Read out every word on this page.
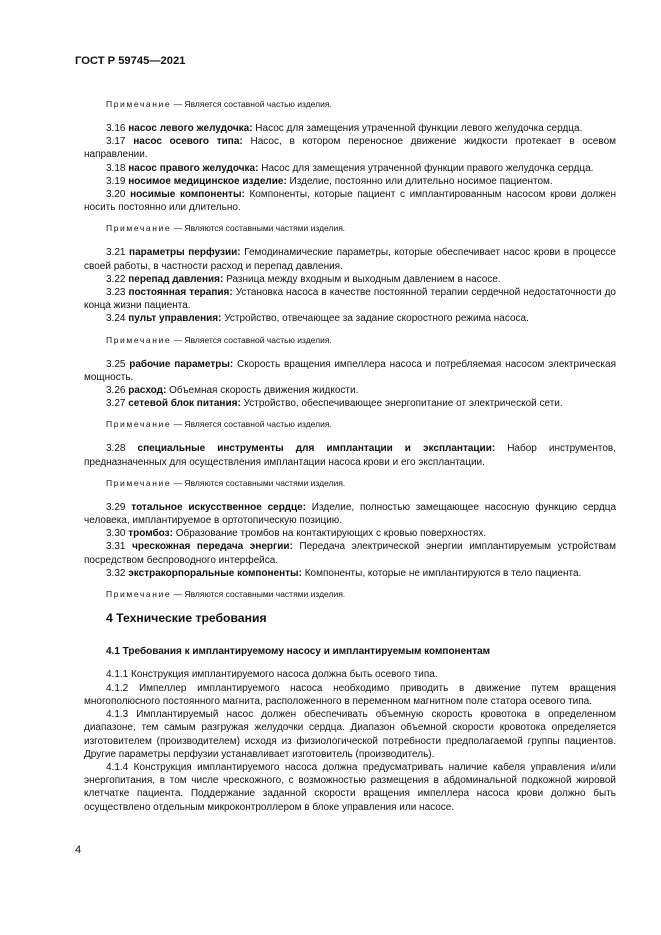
ГОСТ Р 59745—2021

Примечание — Является составной частью изделия.

3.16 насос левого желудочка: Насос для замещения утраченной функции левого желудочка сердца.

3.17 насос осевого типа: Насос, в котором переносное движение жидкости протекает в осевом направлении.

3.18 насос правого желудочка: Насос для замещения утраченной функции правого желудочка сердца.

3.19 носимое медицинское изделие: Изделие, постоянно или длительно носимое пациентом.

3.20 носимые компоненты: Компоненты, которые пациент с имплантированным насосом крови должен носить постоянно или длительно.

Примечание — Являются составными частями изделия.

3.21 параметры перфузии: Гемодинамические параметры, которые обеспечивает насос крови в процессе своей работы, в частности расход и перепад давления.

3.22 перепад давления: Разница между входным и выходным давлением в насосе.

3.23 постоянная терапия: Установка насоса в качестве постоянной терапии сердечной недостаточности до конца жизни пациента.

3.24 пульт управления: Устройство, отвечающее за задание скоростного режима насоса.

Примечание — Является составной частью изделия.

3.25 рабочие параметры: Скорость вращения импеллера насоса и потребляемая насосом электрическая мощность.

3.26 расход: Объемная скорость движения жидкости.

3.27 сетевой блок питания: Устройство, обеспечивающее энергопитание от электрической сети.

Примечание — Является составной частью изделия.

3.28 специальные инструменты для имплантации и эксплантации: Набор инструментов, предназначенных для осуществления имплантации насоса крови и его эксплантации.

Примечание — Являются составными частями изделия.

3.29 тотальное искусственное сердце: Изделие, полностью замещающее насосную функцию сердца человека, имплантируемое в ортотопическую позицию.

3.30 тромбоз: Образование тромбов на контактирующих с кровью поверхностях.

3.31 чрескожная передача энергии: Передача электрической энергии имплантируемым устройствам посредством беспроводного интерфейса.

3.32 экстракорпоральные компоненты: Компоненты, которые не имплантируются в тело пациента.

Примечание — Являются составными частями изделия.

4 Технические требования

4.1 Требования к имплантируемому насосу и имплантируемым компонентам

4.1.1 Конструкция имплантируемого насоса должна быть осевого типа.

4.1.2 Импеллер имплантируемого насоса необходимо приводить в движение путем вращения многополюсного постоянного магнита, расположенного в переменном магнитном поле статора осевого типа.

4.1.3 Имплантируемый насос должен обеспечивать объемную скорость кровотока в определенном диапазоне, тем самым разгружая желудочки сердца. Диапазон объемной скорости кровотока определяется изготовителем (производителем) исходя из физиологической потребности предполагаемой группы пациентов. Другие параметры перфузии устанавливает изготовитель (производитель).

4.1.4 Конструкция имплантируемого насоса должна предусматривать наличие кабеля управления и/или энергопитания, в том числе чрескожного, с возможностью размещения в абдоминальной подкожной жировой клетчатке пациента. Поддержание заданной скорости вращения импеллера насоса крови должно быть осуществлено отдельным микроконтроллером в блоке управления или насосе.

4
